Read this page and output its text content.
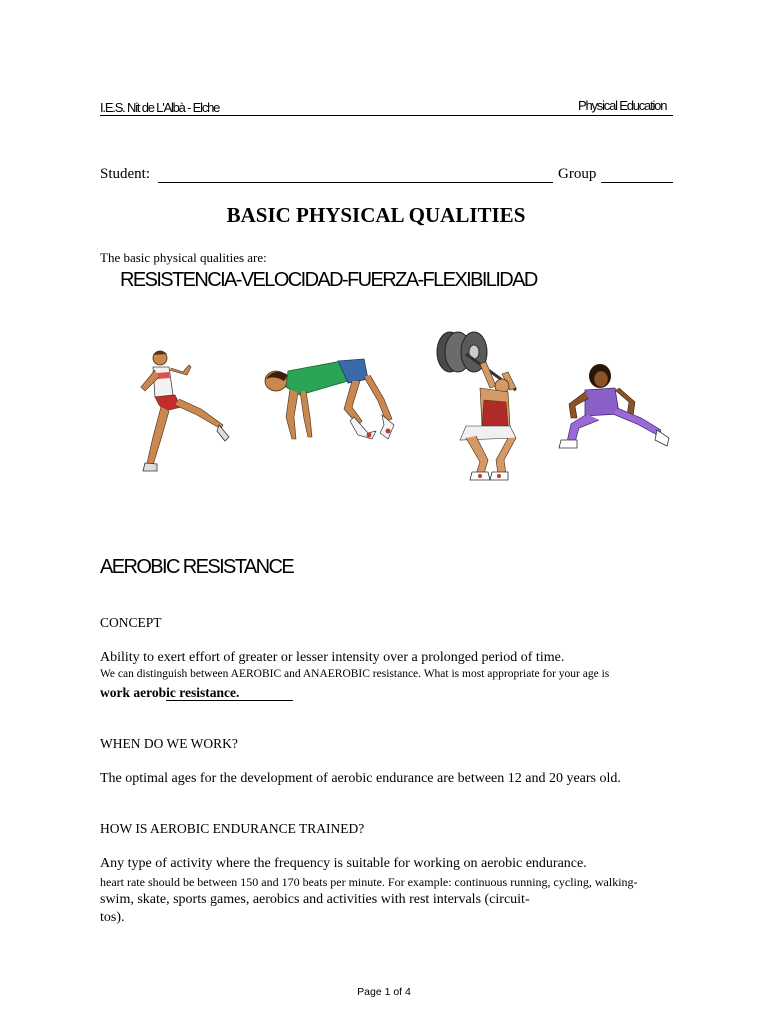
I.E.S. Nit de L'Albà - Elche	Physical Education
Student:	Group
BASIC PHYSICAL QUALITIES
The basic physical qualities are:
RESISTENCIA-VELOCIDAD-FUERZA-FLEXIBILIDAD
AEROBIC RESISTANCE
CONCEPT
Ability to exert effort of greater or lesser intensity over a prolonged period of time.
We can distinguish between AEROBIC and ANAEROBIC resistance. What is most appropriate for your age is
work aerobic resistance.
WHEN DO WE WORK?
The optimal ages for the development of aerobic endurance are between 12 and 20 years old.
HOW IS AEROBIC ENDURANCE TRAINED?
Any type of activity where the frequency is suitable for working on aerobic endurance.
heart rate should be between 150 and 170 beats per minute. For example: continuous running, cycling, walking-
swim, skate, sports games, aerobics and activities with rest intervals (circuit-
tos).
Page 1 of 4
